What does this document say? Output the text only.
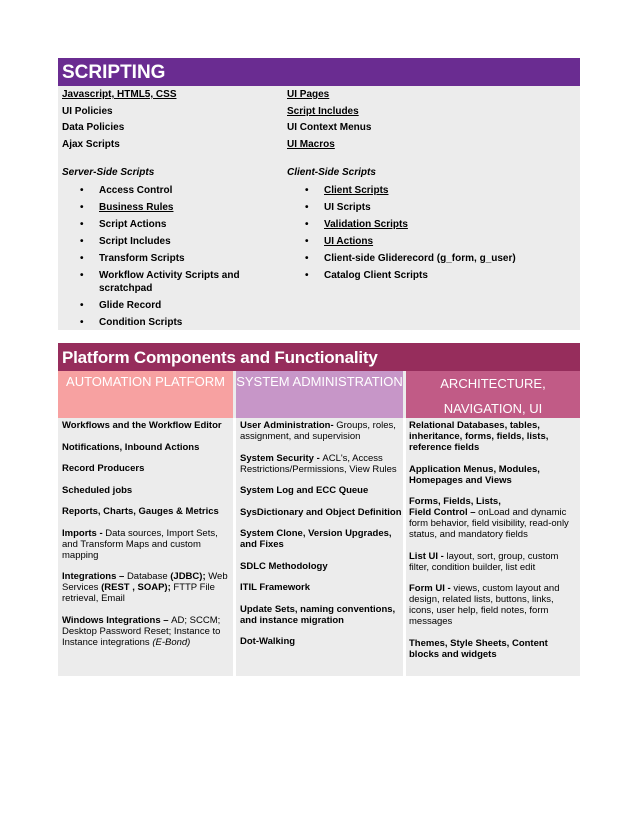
SCRIPTING
Javascript, HTML5, CSS
UI Policies
Data Policies
Ajax Scripts
Server-Side Scripts
• Access Control
• Business Rules
• Script Actions
• Script Includes
• Transform Scripts
• Workflow Activity Scripts and scratchpad
• Glide Record
• Condition Scripts
UI Pages
Script Includes
UI Context Menus
UI Macros
Client-Side Scripts
• Client Scripts
• UI Scripts
• Validation Scripts
• UI Actions
• Client-side Gliderecord (g_form, g_user)
• Catalog Client Scripts
Platform Components and Functionality
AUTOMATION PLATFORM SYSTEM ADMINISTRATION	ARCHITECTURE,
NAVIGATION, UI
Workflows and the Workflow Editor
Notifications, Inbound Actions
Record Producers
Scheduled jobs
Reports, Charts, Gauges & Metrics
Imports - Data sources, Import Sets, and Transform Maps and custom mapping
Integrations – Database (JDBC); Web Services (REST , SOAP); FTTP File retrieval, Email
Windows Integrations – AD; SCCM; Desktop Password Reset; Instance to Instance integrations (E-Bond)
User Administration- Groups, roles, assignment, and supervision
System Security - ACL's, Access Restrictions/Permissions, View Rules
System Log and ECC Queue
SysDictionary and Object Definition
System Clone, Version Upgrades, and Fixes
SDLC Methodology
ITIL Framework
Update Sets, naming conventions, and instance migration
Dot-Walking
Relational Databases, tables, inheritance, forms, fields, lists, reference fields
Application Menus, Modules, Homepages and Views
Forms, Fields, Lists,
Field Control – onLoad and dynamic form behavior, field visibility, read-only status, and mandatory fields
List UI - layout, sort, group, custom filter, condition builder, list edit
Form UI - views, custom layout and design, related lists, buttons, links, icons, user help, field notes, form messages
Themes, Style Sheets, Content blocks and widgets
